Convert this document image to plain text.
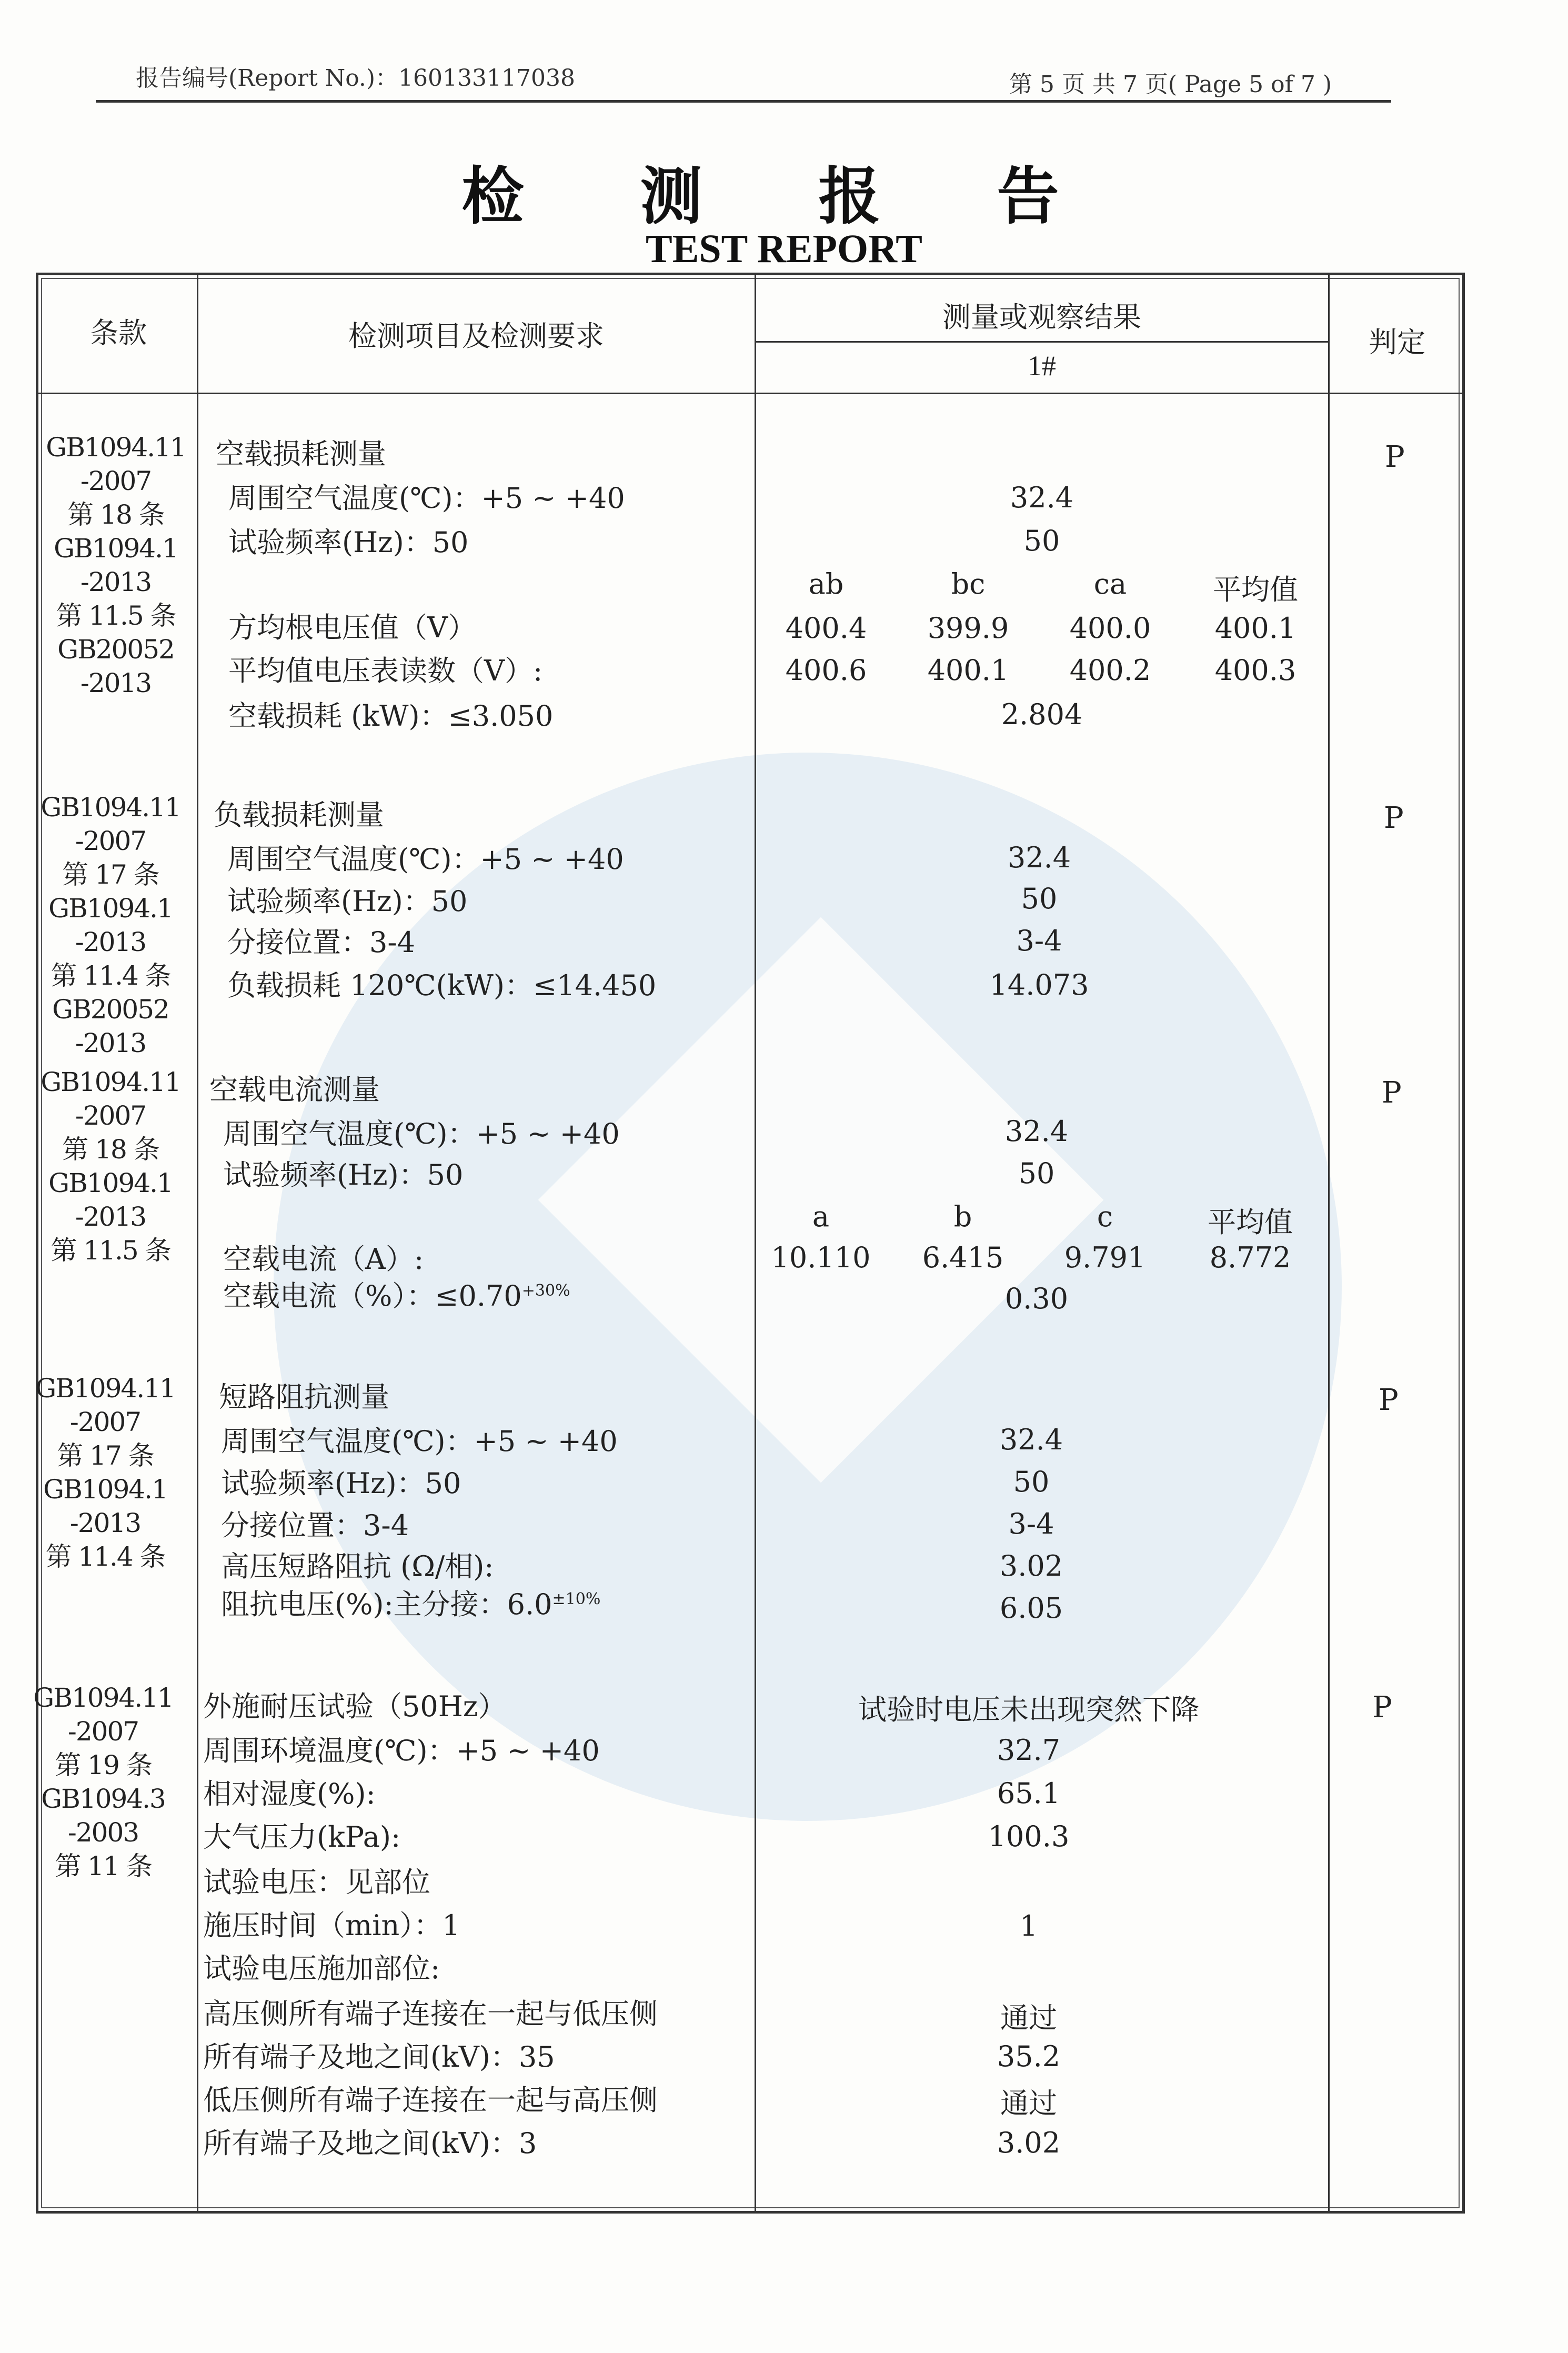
报告编号(Report No.)：160133117038	第 5 页 共 7 页( Page 5 of 7 )
检 测 报 告
TEST REPORT
条款	检测项目及检测要求
测量或观察结果
1#
判定
GB1094.11
-2007
第 18 条
GB1094.1
-2013
第 11.5 条
GB20052
-2013
P
空载损耗测量
周围空气温度(℃)：+5 ~ +40	32.4
试验频率(Hz)：50	50
ab	bc	ca	平均值
方均根电压值（V）	400.4	399.9	400.0	400.1
平均值电压表读数（V）:	400.6	400.1	400.2	400.3
空载损耗 (kW)：≤3.050	2.804
GB1094.11
-2007
第 17 条
GB1094.1
-2013
第 11.4 条
GB20052
-2013
P
负载损耗测量
周围空气温度(℃)：+5 ~ +40	32.4
试验频率(Hz)：50	50
分接位置：3-4	3-4
负载损耗 120℃(kW)：≤14.450	14.073
GB1094.11
-2007
第 18 条
GB1094.1
-2013
第 11.5 条
P
空载电流测量
周围空气温度(℃)：+5 ~ +40	32.4
试验频率(Hz)：50	50
a	b	c	平均值
空载电流（A）:	10.110	6.415	9.791	8.772
空载电流（%）：$\le 0.70^{+30\%}$	0.30
GB1094.11
-2007
第 17 条
GB1094.1
-2013
第 11.4 条
P
短路阻抗测量
周围空气温度(℃)：+5 ~ +40	32.4
试验频率(Hz)：50	50
分接位置：3-4	3-4
高压短路阻抗 (Ω/相):	3.02
阻抗电压(%):主分接：$6.0^{\pm 10\%}$	6.05
GB1094.11
-2007
第 19 条
GB1094.3
-2003
第 11 条
P
外施耐压试验（50Hz）	试验时电压未出现突然下降
周围环境温度(℃)：+5 ~ +40	32.7
相对湿度(%):	65.1
大气压力(kPa):	100.3
试验电压：见部位
施压时间（min）：1	1
试验电压施加部位:
高压侧所有端子连接在一起与低压侧	通过
所有端子及地之间(kV)：35	35.2
低压侧所有端子连接在一起与高压侧	通过
所有端子及地之间(kV)：3	3.02
